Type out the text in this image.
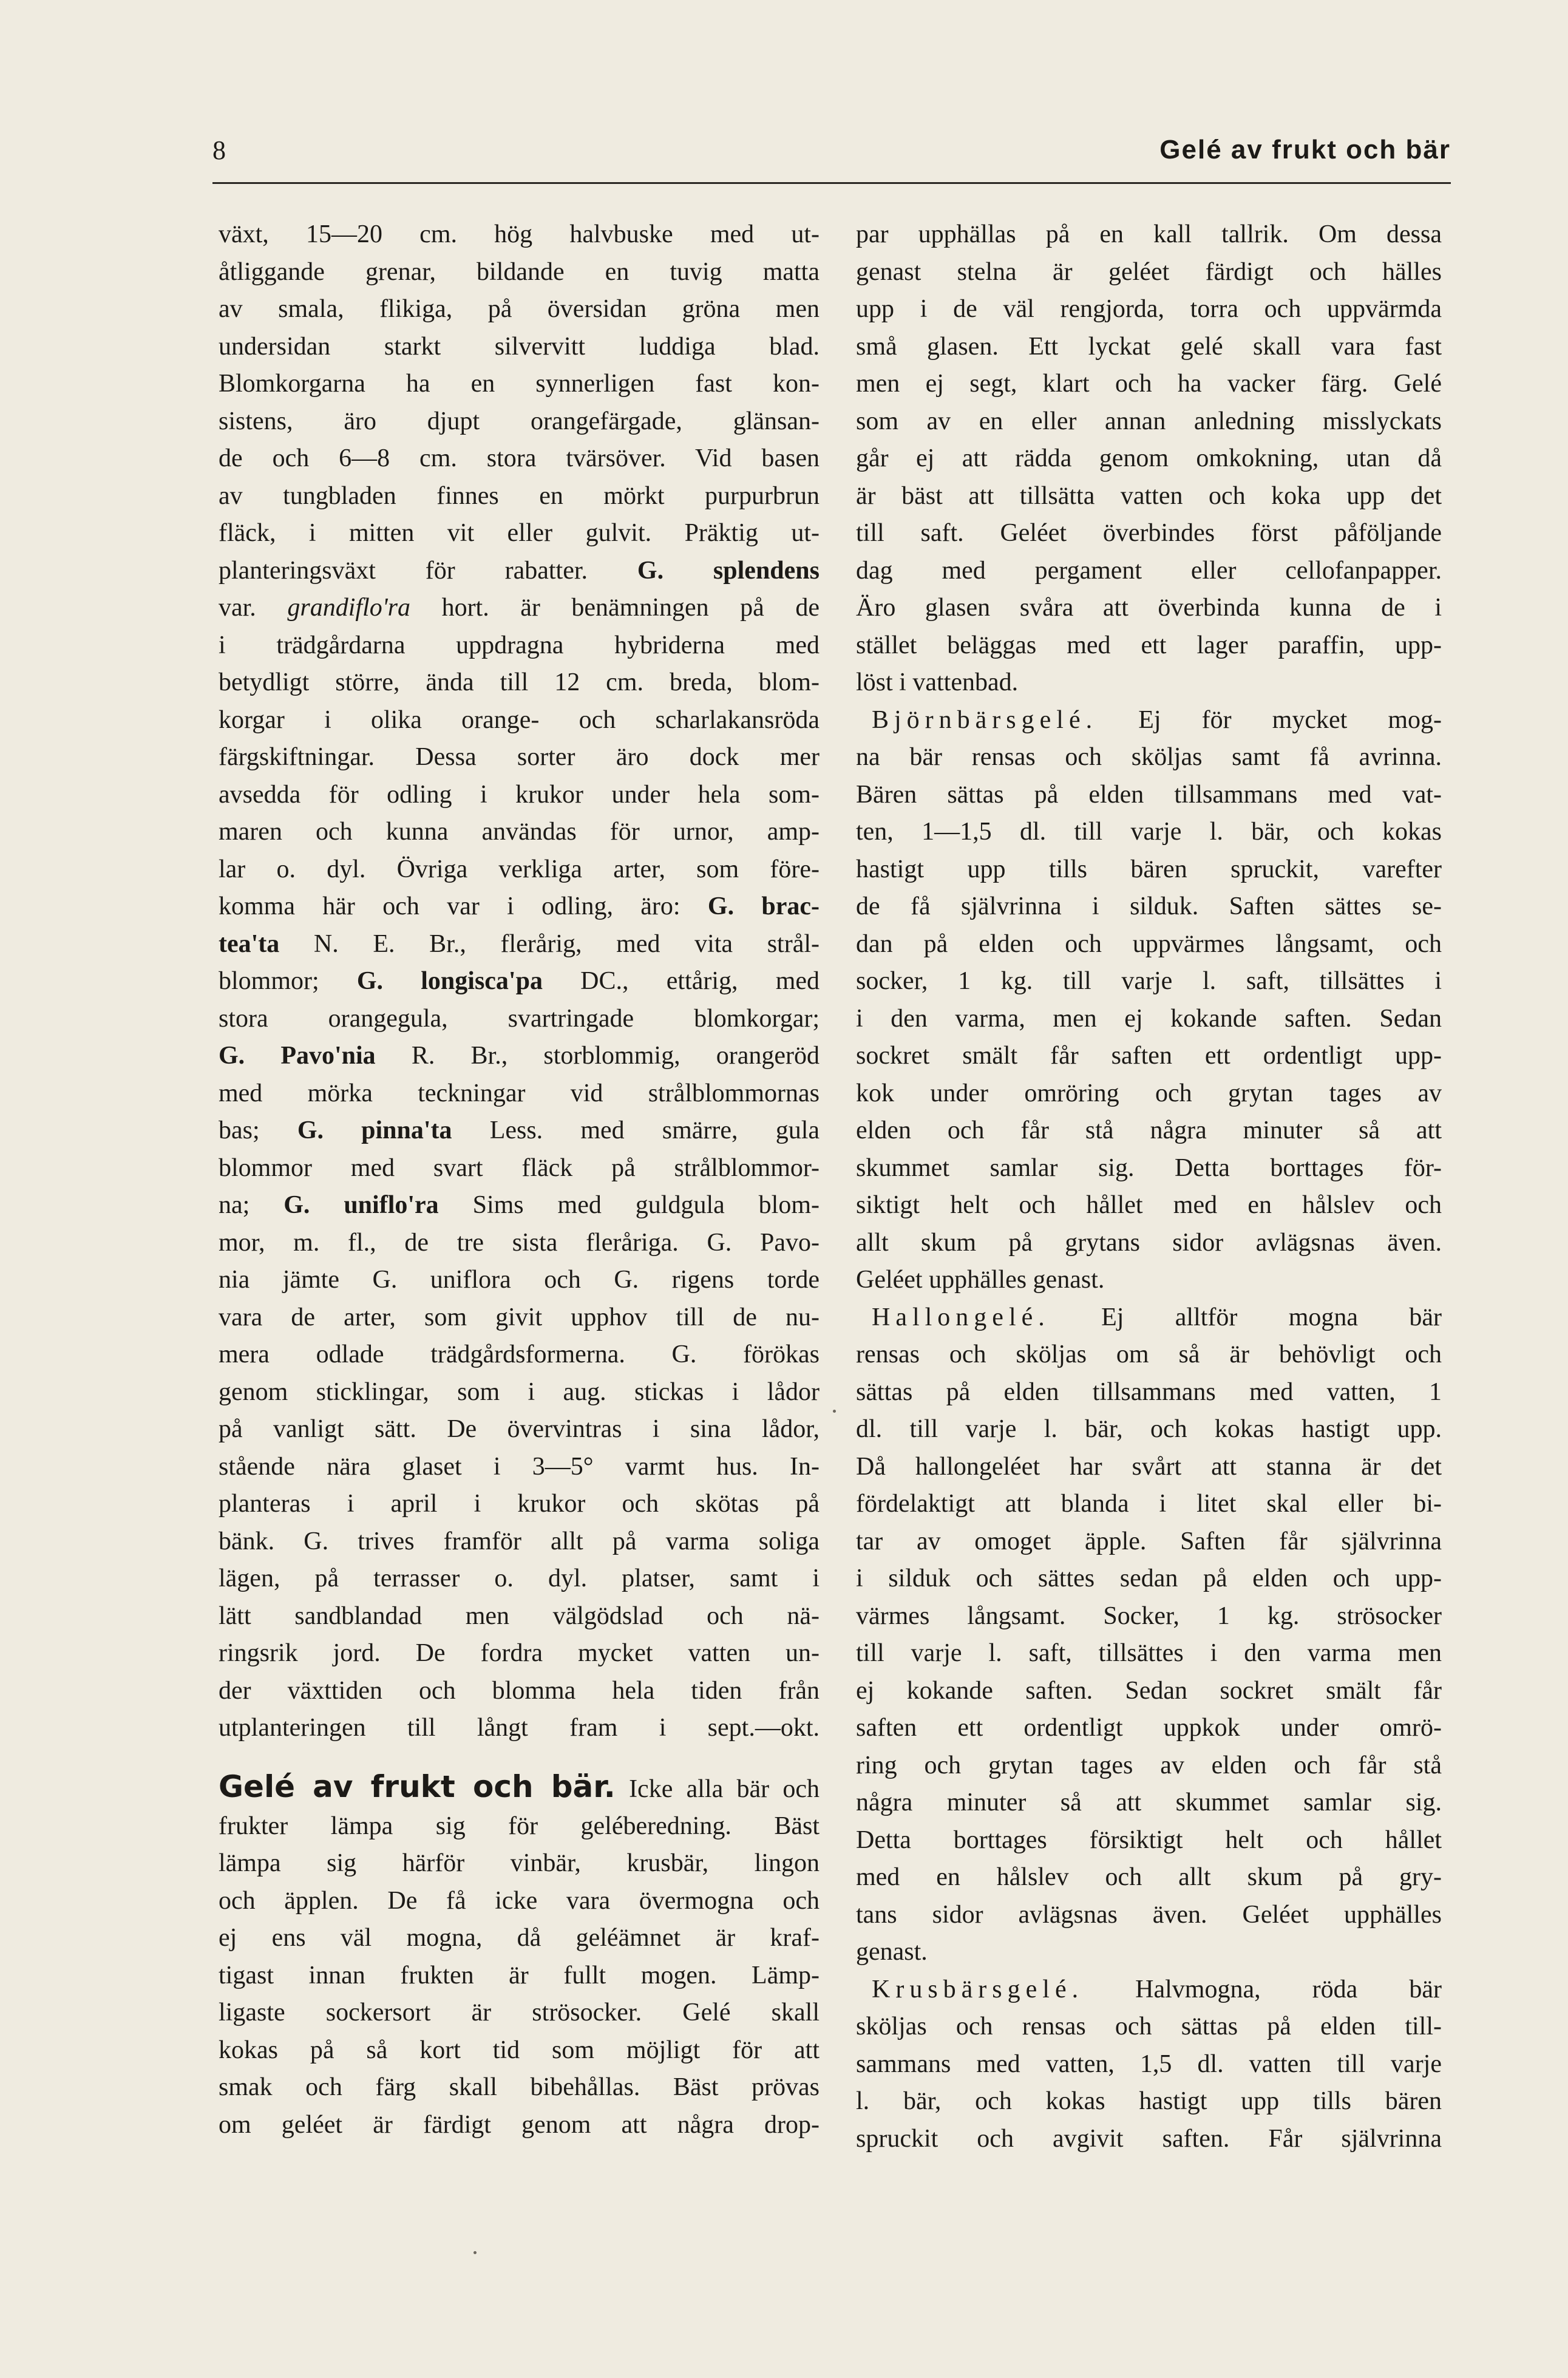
8	Gelé av frukt och bär
växt, 15—20 cm. hög halvbuske med ut-
åtliggande grenar, bildande en tuvig matta
av smala, flikiga, på översidan gröna men
undersidan starkt silvervitt luddiga blad.
Blomkorgarna ha en synnerligen fast kon-
sistens, äro djupt orangefärgade, glänsan-
de och 6—8 cm. stora tvärsöver. Vid basen
av tungbladen finnes en mörkt purpurbrun
fläck, i mitten vit eller gulvit. Präktig ut-
planteringsväxt för rabatter. G. splendens
var. grandiflo'ra hort. är benämningen på de
i trädgårdarna uppdragna hybriderna med
betydligt större, ända till 12 cm. breda, blom-
korgar i olika orange- och scharlakansröda
färgskiftningar. Dessa sorter äro dock mer
avsedda för odling i krukor under hela som-
maren och kunna användas för urnor, amp-
lar o. dyl. Övriga verkliga arter, som före-
komma här och var i odling, äro: G. brac-
tea'ta N. E. Br., flerårig, med vita strål-
blommor; G. longisca'pa DC., ettårig, med
stora orangegula, svartringade blomkorgar;
G. Pavo'nia R. Br., storblommig, orangeröd
med mörka teckningar vid strålblommornas
bas; G. pinna'ta Less. med smärre, gula
blommor med svart fläck på strålblommor-
na; G. uniflo'ra Sims med guldgula blom-
mor, m. fl., de tre sista fleråriga. G. Pavo-
nia jämte G. uniflora och G. rigens torde
vara de arter, som givit upphov till de nu-
mera odlade trädgårdsformerna. G. förökas
genom sticklingar, som i aug. stickas i lådor
på vanligt sätt. De övervintras i sina lådor,
stående nära glaset i 3—5° varmt hus. In-
planteras i april i krukor och skötas på
bänk. G. trives framför allt på varma soliga
lägen, på terrasser o. dyl. platser, samt i
lätt sandblandad men välgödslad och nä-
ringsrik jord. De fordra mycket vatten un-
der växttiden och blomma hela tiden från
utplanteringen till långt fram i sept.—okt.
Gelé av frukt och bär. Icke alla bär och
frukter lämpa sig för geléberedning. Bäst
lämpa sig härför vinbär, krusbär, lingon
och äpplen. De få icke vara övermogna och
ej ens väl mogna, då geléämnet är kraf-
tigast innan frukten är fullt mogen. Lämp-
ligaste sockersort är strösocker. Gelé skall
kokas på så kort tid som möjligt för att
smak och färg skall bibehållas. Bäst prövas
om geléet är färdigt genom att några drop-
par upphällas på en kall tallrik. Om dessa
genast stelna är geléet färdigt och hälles
upp i de väl rengjorda, torra och uppvärmda
små glasen. Ett lyckat gelé skall vara fast
men ej segt, klart och ha vacker färg. Gelé
som av en eller annan anledning misslyckats
går ej att rädda genom omkokning, utan då
är bäst att tillsätta vatten och koka upp det
till saft. Geléet överbindes först påföljande
dag med pergament eller cellofanpapper.
Äro glasen svåra att överbinda kunna de i
stället beläggas med ett lager paraffin, upp-
löst i vattenbad.
Björnbärsgelé. Ej för mycket mog-
na bär rensas och sköljas samt få avrinna.
Bären sättas på elden tillsammans med vat-
ten, 1—1,5 dl. till varje l. bär, och kokas
hastigt upp tills bären spruckit, varefter
de få självrinna i silduk. Saften sättes se-
dan på elden och uppvärmes långsamt, och
socker, 1 kg. till varje l. saft, tillsättes i
i den varma, men ej kokande saften. Sedan
sockret smält får saften ett ordentligt upp-
kok under omröring och grytan tages av
elden och får stå några minuter så att
skummet samlar sig. Detta borttages för-
siktigt helt och hållet med en hålslev och
allt skum på grytans sidor avlägsnas även.
Geléet upphälles genast.
Hallongelé. Ej alltför mogna bär
rensas och sköljas om så är behövligt och
sättas på elden tillsammans med vatten, 1
dl. till varje l. bär, och kokas hastigt upp.
Då hallongeléet har svårt att stanna är det
fördelaktigt att blanda i litet skal eller bi-
tar av omoget äpple. Saften får självrinna
i silduk och sättes sedan på elden och upp-
värmes långsamt. Socker, 1 kg. strösocker
till varje l. saft, tillsättes i den varma men
ej kokande saften. Sedan sockret smält får
saften ett ordentligt uppkok under omrö-
ring och grytan tages av elden och får stå
några minuter så att skummet samlar sig.
Detta borttages försiktigt helt och hållet
med en hålslev och allt skum på gry-
tans sidor avlägsnas även. Geléet upphälles
genast.
Krusbärsgelé. Halvmogna, röda bär
sköljas och rensas och sättas på elden till-
sammans med vatten, 1,5 dl. vatten till varje
l. bär, och kokas hastigt upp tills bären
spruckit och avgivit saften. Får självrinna
